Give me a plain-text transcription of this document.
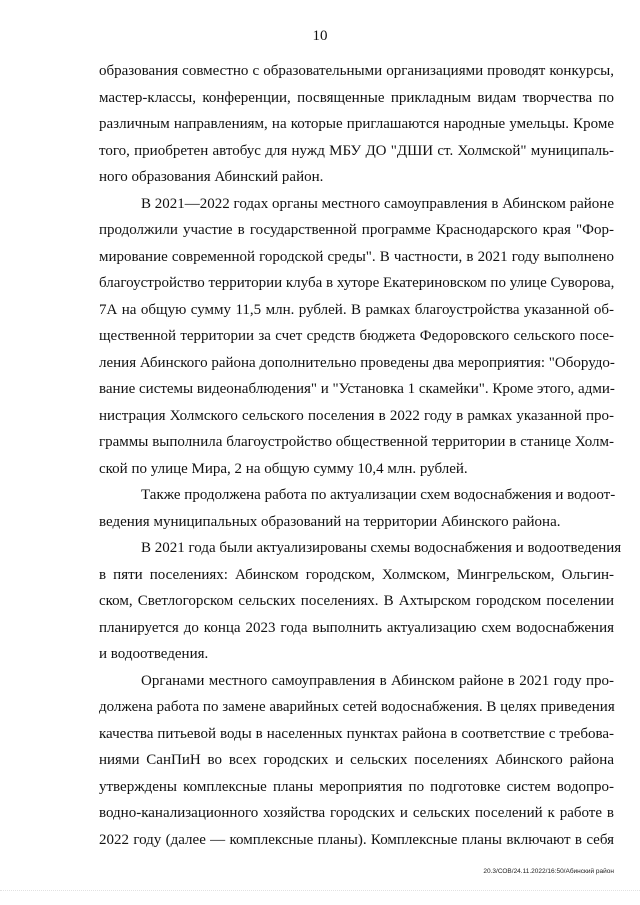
10

образования совместно с образовательными организациями проводят конкурсы,
мастер-классы, конференции, посвященные прикладным видам творчества по
различным направлениям, на которые приглашаются народные умельцы. Кроме
того, приобретен автобус для нужд МБУ ДО "ДШИ ст. Холмской" муниципаль-
ного образования Абинский район.

В 2021—2022 годах органы местного самоуправления в Абинском районе
продолжили участие в государственной программе Краснодарского края "Фор-
мирование современной городской среды". В частности, в 2021 году выполнено
благоустройство территории клуба в хуторе Екатериновском по улице Суворова,
7А на общую сумму 11,5 млн. рублей. В рамках благоустройства указанной об-
щественной территории за счет средств бюджета Федоровского сельского посе-
ления Абинского района дополнительно проведены два мероприятия: "Оборудо-
вание системы видеонаблюдения" и "Установка 1 скамейки". Кроме этого, адми-
нистрация Холмского сельского поселения в 2022 году в рамках указанной про-
граммы выполнила благоустройство общественной территории в станице Холм-
ской по улице Мира, 2 на общую сумму 10,4 млн. рублей.

Также продолжена работа по актуализации схем водоснабжения и водоот-
ведения муниципальных образований на территории Абинского района.

В 2021 года были актуализированы схемы водоснабжения и водоотведения
в пяти поселениях: Абинском городском, Холмском, Мингрельском, Ольгин-
ском, Светлогорском сельских поселениях. В Ахтырском городском поселении
планируется до конца 2023 года выполнить актуализацию схем водоснабжения
и водоотведения.

Органами местного самоуправления в Абинском районе в 2021 году про-
должена работа по замене аварийных сетей водоснабжения. В целях приведения
качества питьевой воды в населенных пунктах района в соответствие с требова-
ниями СанПиН во всех городских и сельских поселениях Абинского района
утверждены комплексные планы мероприятия по подготовке систем водопро-
водно-канализационного хозяйства городских и сельских поселений к работе в
2022 году (далее — комплексные планы). Комплексные планы включают в себя

20.3/СОВ/24.11.2022/16:50/Абинский район
